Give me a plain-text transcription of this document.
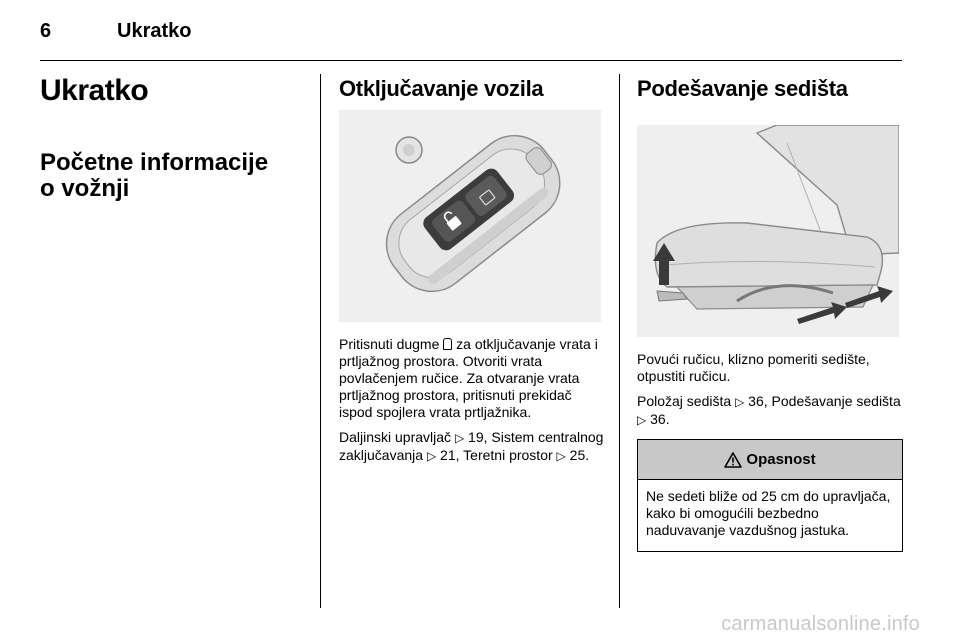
6	Ukratko
Ukratko
Početne informacije o vožnji
Otključavanje vozila

Pritisnuti dugme  za otključavanje vrata i prtljažnog prostora. Otvoriti vrata povlačenjem ručice. Za otvaranje vrata prtljažnog prostora, pritisnuti prekidač ispod spojlera vrata prtljažnika.

Daljinski upravljač ▷ 19, Sistem centralnog zaključavanja ▷ 21, Teretni prostor ▷ 25.

Podešavanje sedišta

Povući ručicu, klizno pomeriti sedište, otpustiti ručicu.

Položaj sedišta ▷ 36, Podešavanje sedišta ▷ 36.

Opasnost
Ne sedeti bliže od 25 cm do upravljača, kako bi omogućili bezbedno naduvavanje vazdušnog jastuka.
carmanualsonline.info
